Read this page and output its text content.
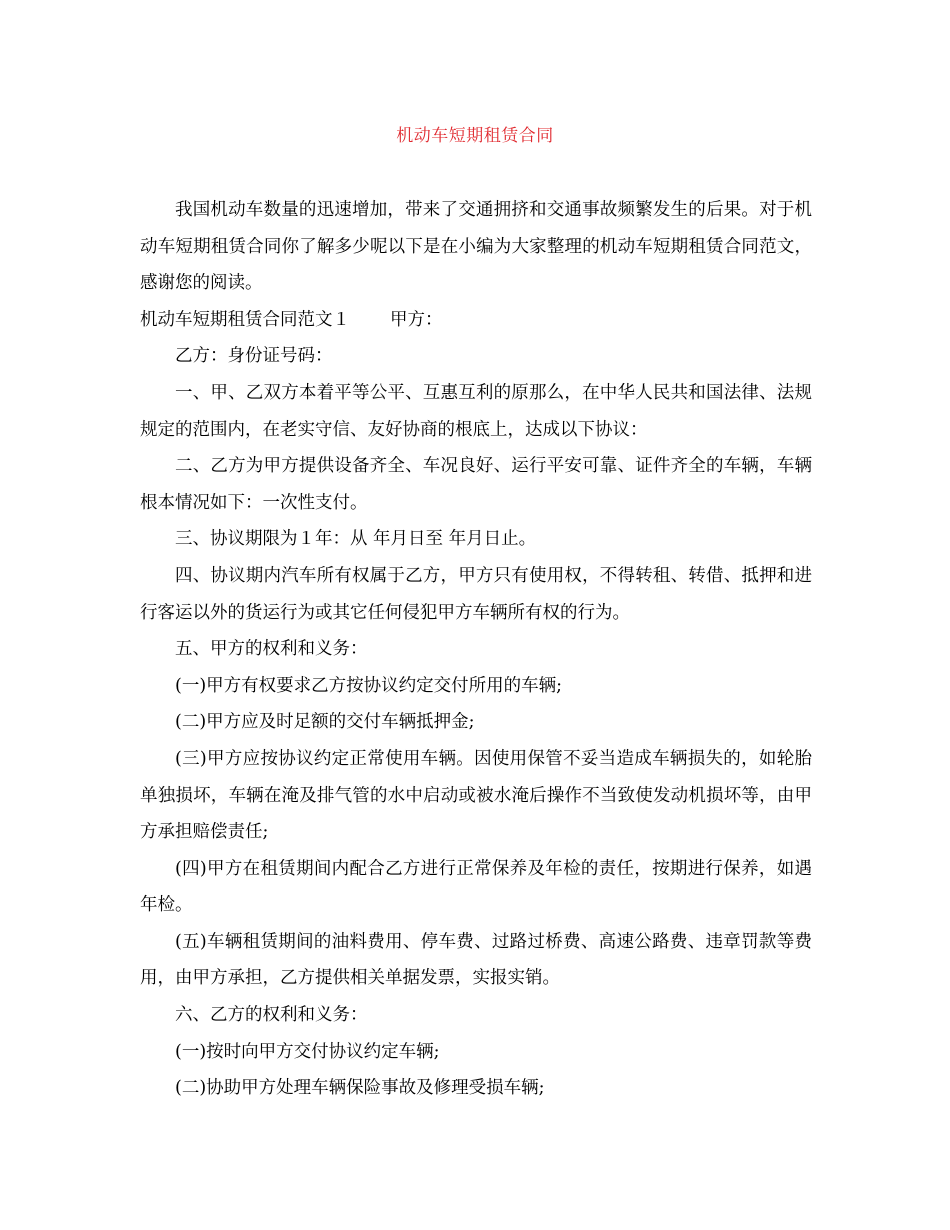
机动车短期租赁合同

我国机动车数量的迅速增加，带来了交通拥挤和交通事故频繁发生的后果。对于机动车短期租赁合同你了解多少呢以下是在小编为大家整理的机动车短期租赁合同范文，感谢您的阅读。

机动车短期租赁合同范文１ 甲方：

乙方：身份证号码：

一、甲、乙双方本着平等公平、互惠互利的原那么，在中华人民共和国法律、法规规定的范围内，在老实守信、友好协商的根底上，达成以下协议：

二、乙方为甲方提供设备齐全、车况良好、运行平安可靠、证件齐全的车辆，车辆根本情况如下：一次性支付。

三、协议期限为１年：从 年月日至 年月日止。

四、协议期内汽车所有权属于乙方，甲方只有使用权，不得转租、转借、抵押和进行客运以外的货运行为或其它任何侵犯甲方车辆所有权的行为。

五、甲方的权利和义务：

(一)甲方有权要求乙方按协议约定交付所用的车辆;

(二)甲方应及时足额的交付车辆抵押金;

(三)甲方应按协议约定正常使用车辆。因使用保管不妥当造成车辆损失的，如轮胎单独损坏，车辆在淹及排气管的水中启动或被水淹后操作不当致使发动机损坏等，由甲方承担赔偿责任;

(四)甲方在租赁期间内配合乙方进行正常保养及年检的责任，按期进行保养，如遇年检。

(五)车辆租赁期间的油料费用、停车费、过路过桥费、高速公路费、违章罚款等费用，由甲方承担，乙方提供相关单据发票，实报实销。

六、乙方的权利和义务：

(一)按时向甲方交付协议约定车辆;

(二)协助甲方处理车辆保险事故及修理受损车辆;
